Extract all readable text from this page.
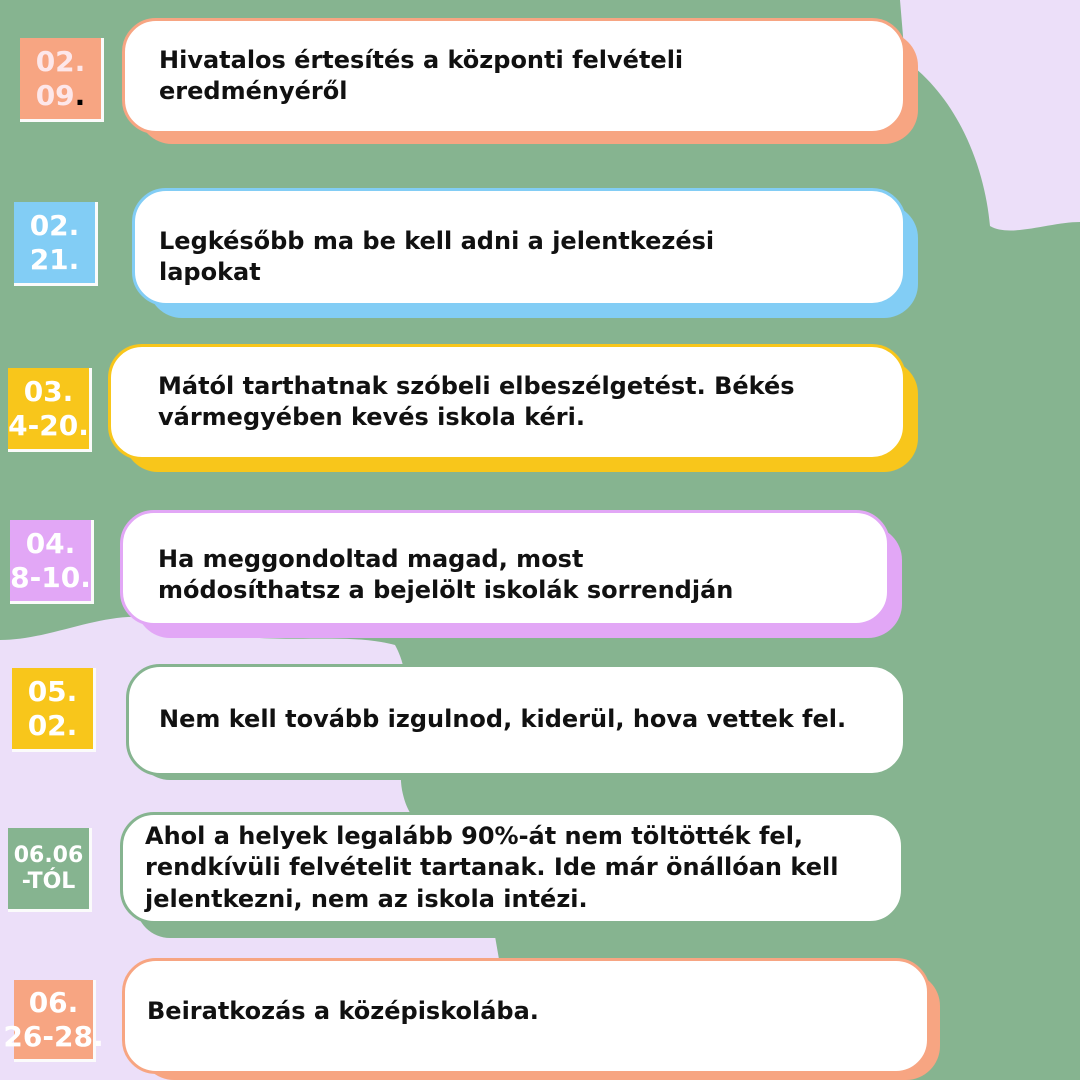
02.
09.
Hivatalos értesítés a központi felvételi eredményéről
02.
21.
Legkésőbb ma be kell adni a jelentkezési lapokat
03.
4-20.
Mától tarthatnak szóbeli elbeszélgetést. Békés vármegyében kevés iskola kéri.
04.
8-10.
Ha meggondoltad magad, most módosíthatsz a bejelölt iskolák sorrendján
05.
02.	Nem kell tovább izgulnod, kiderül, hova vettek fel.
06.06
-TÓL
Ahol a helyek legalább 90%-át nem töltötték fel, rendkívüli felvételit tartanak. Ide már önállóan kell jelentkezni, nem az iskola intézi.
06.
26-28.
Beiratkozás a középiskolába.
